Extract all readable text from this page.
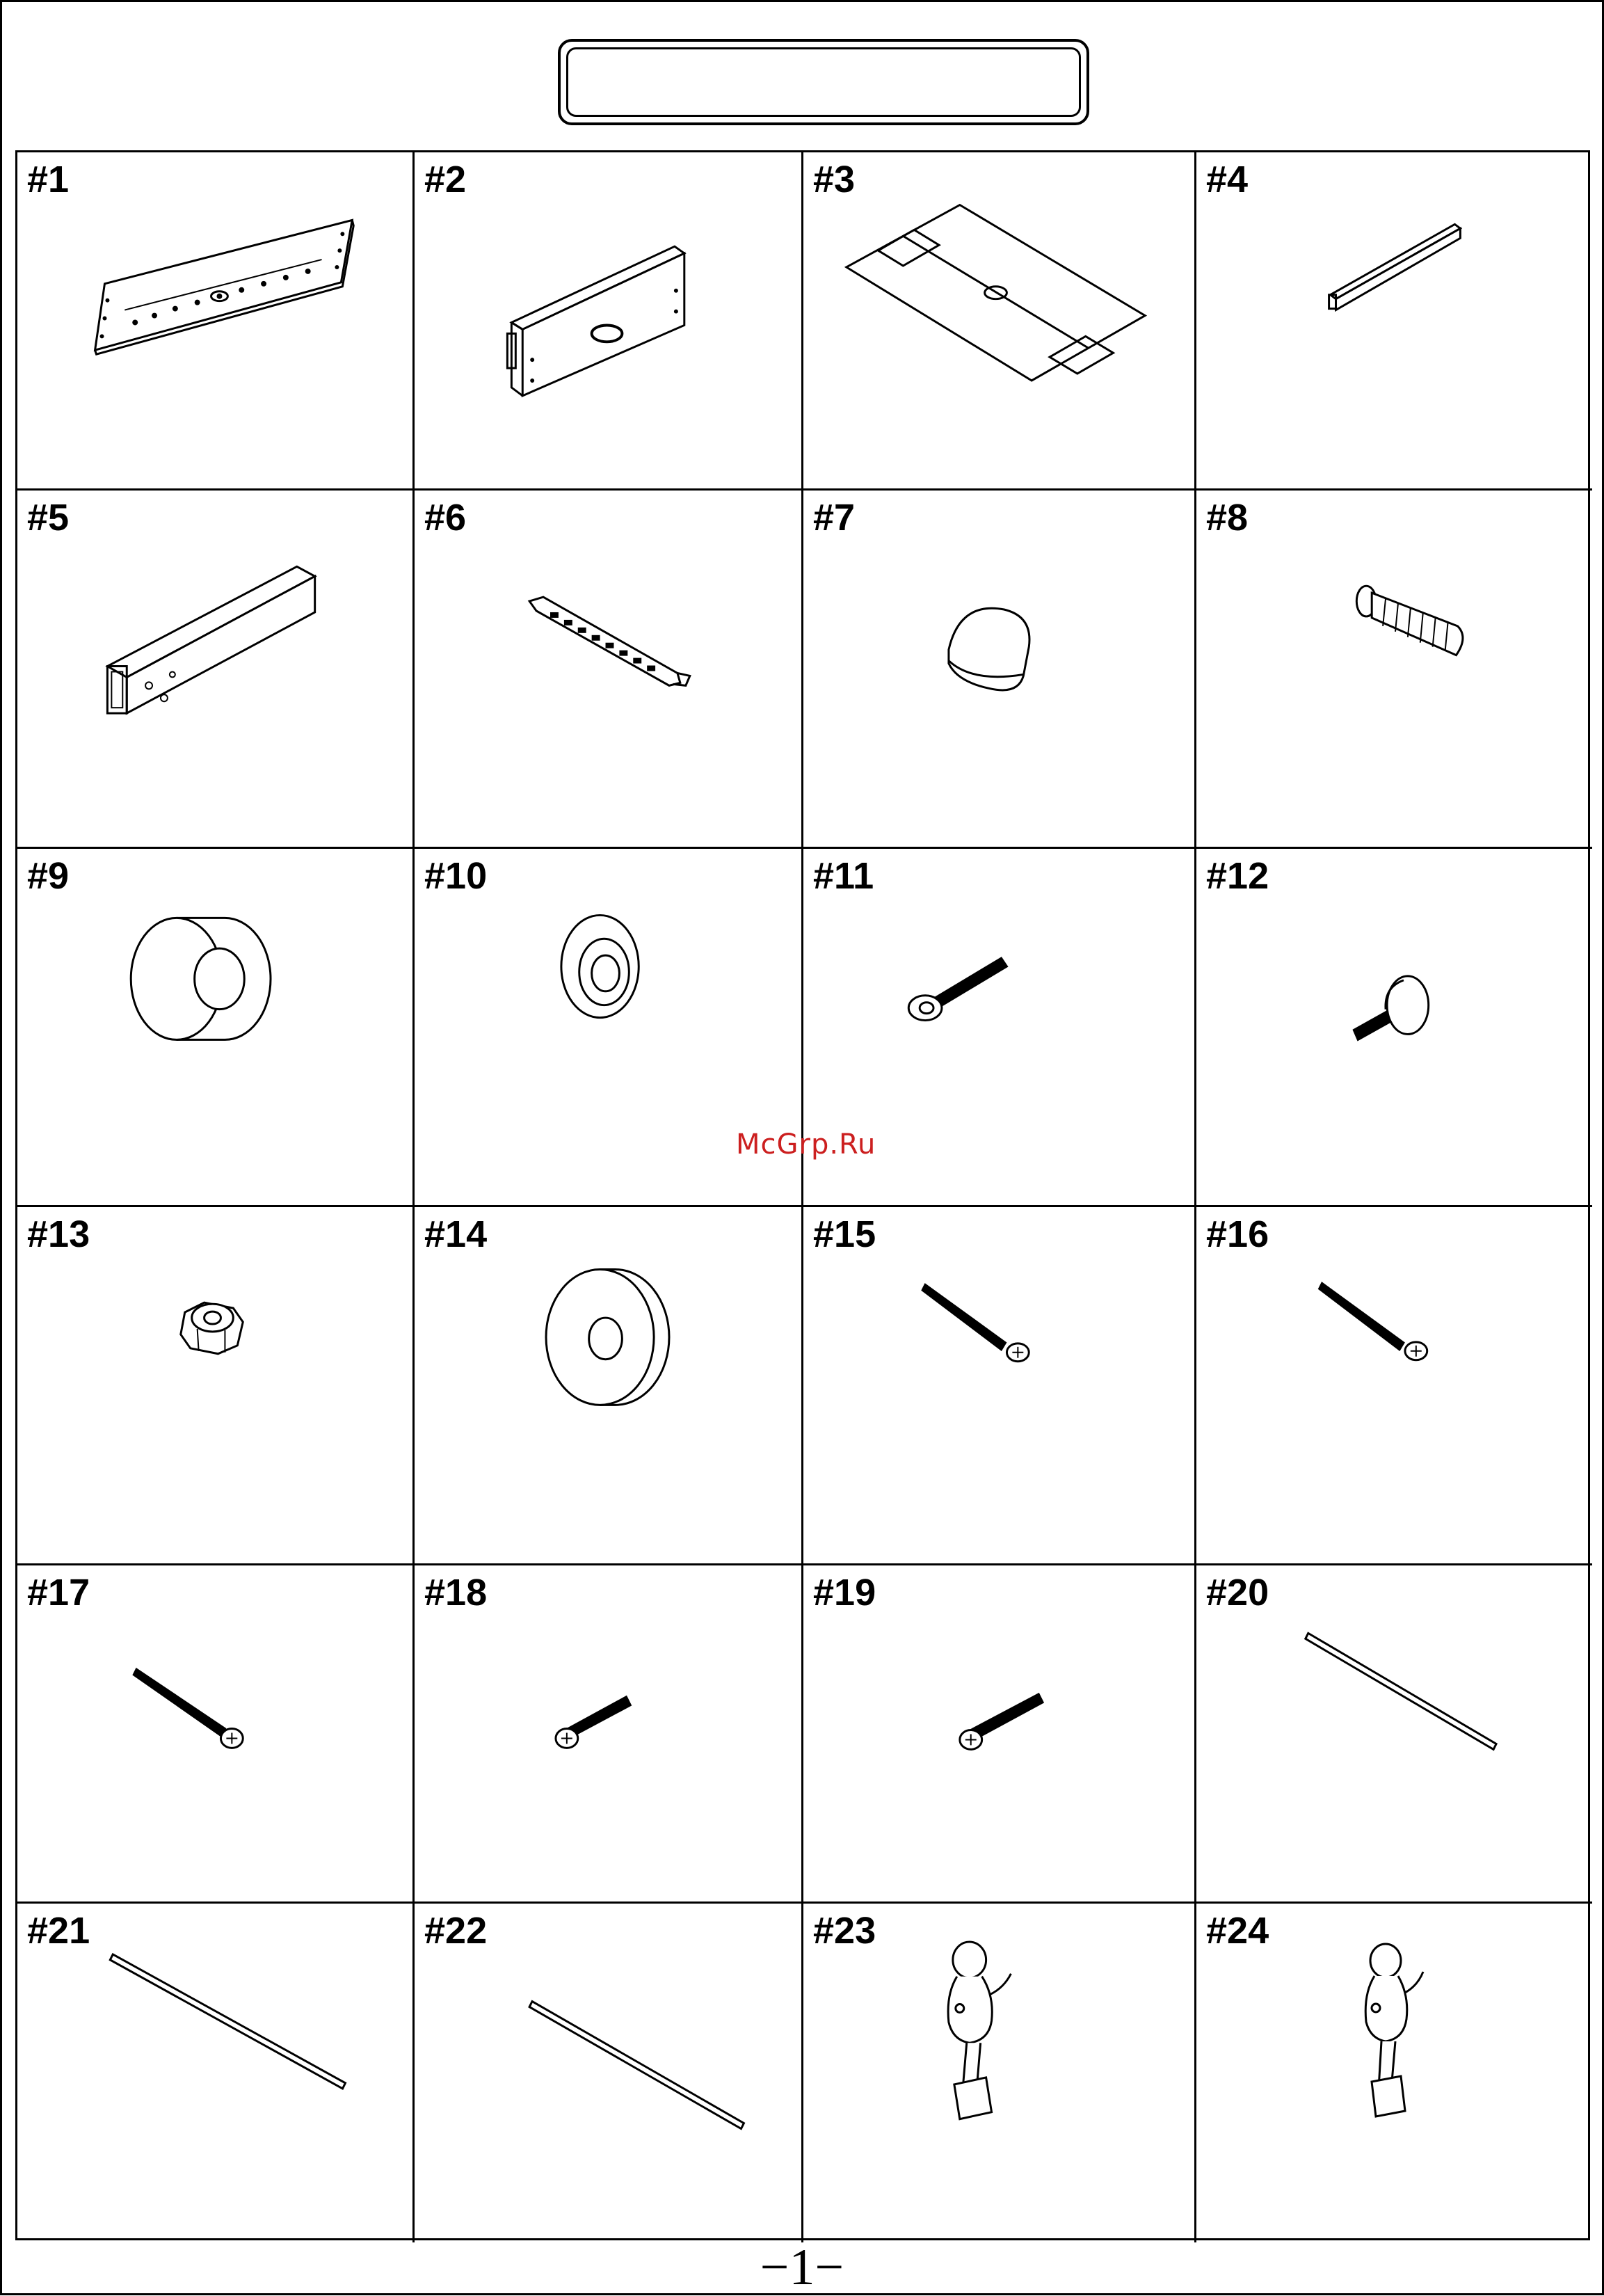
#1	#2	#3	#4
#5	#6	#7	#8
#9	#10	#11	#12
#13	#14	#15	#16
#17	#18	#19	#20
#21	#22	#23	#24
McGrp.Ru
−1−
